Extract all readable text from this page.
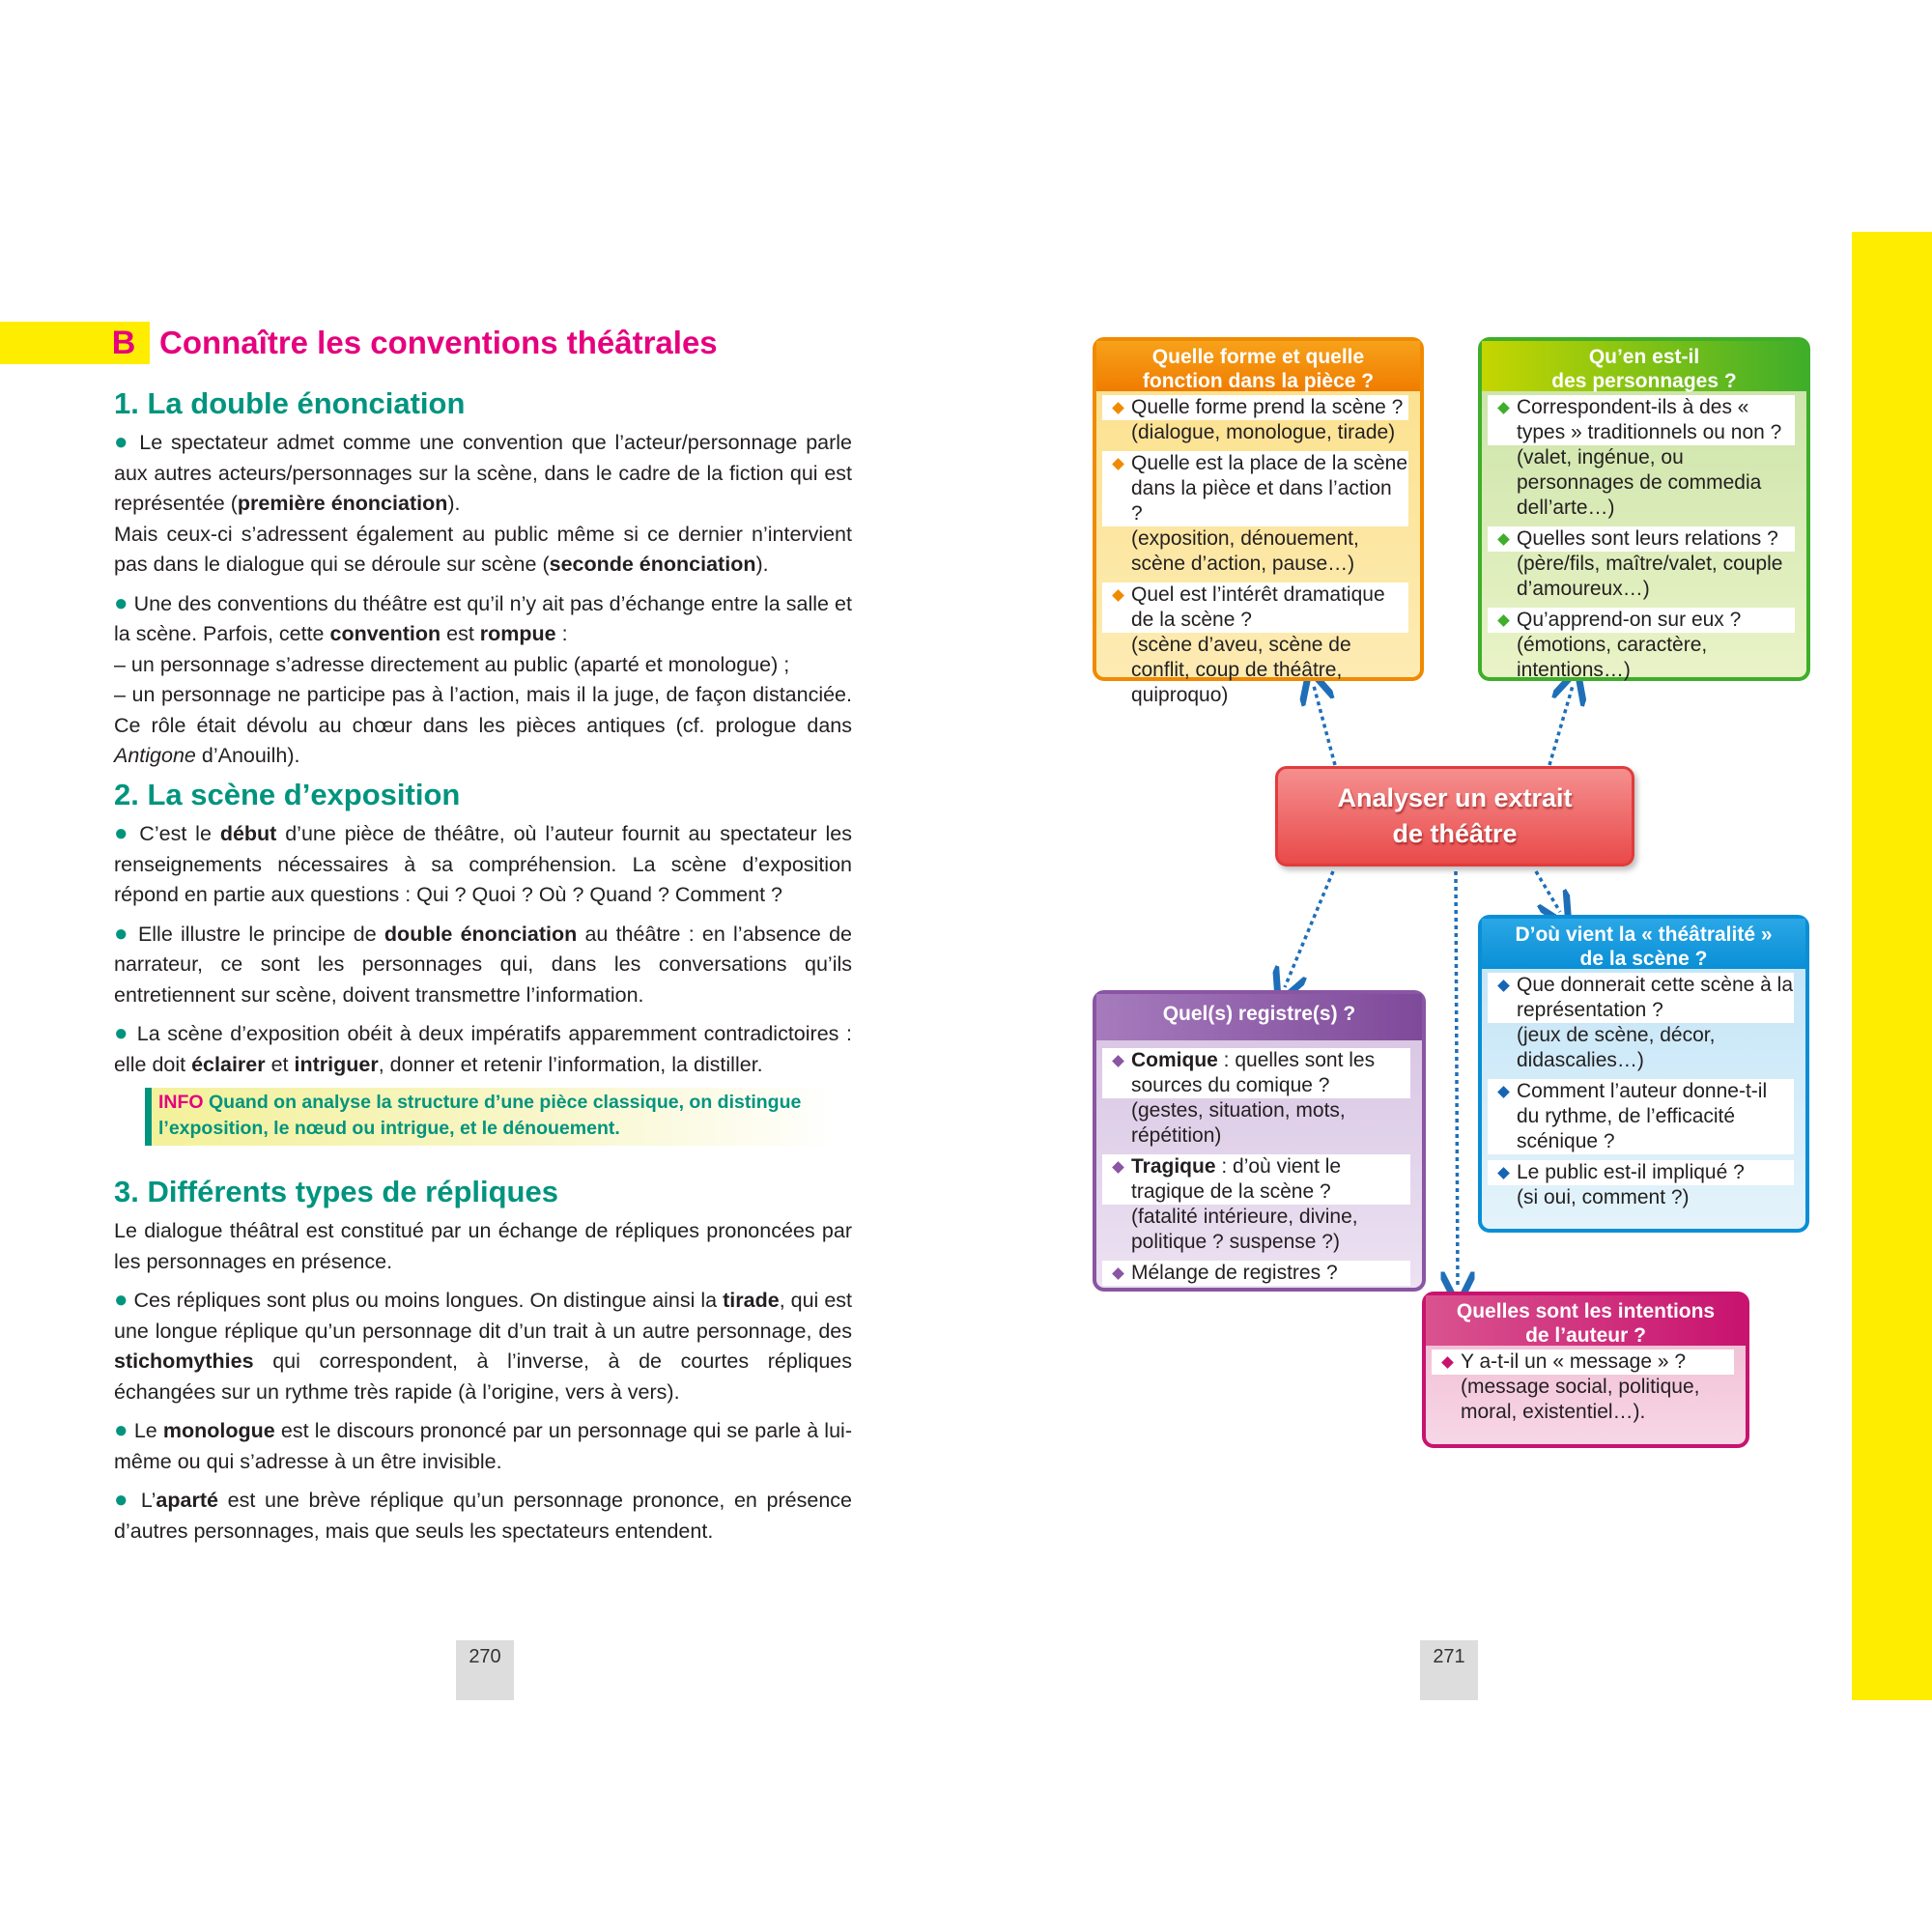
B Connaître les conventions théâtrales
1. La double énonciation

● Le spectateur admet comme une convention que l’acteur/personnage parle aux autres acteurs/personnages sur la scène, dans le cadre de la fiction qui est représentée (première énonciation).
Mais ceux-ci s’adressent également au public même si ce dernier n’intervient pas dans le dialogue qui se déroule sur scène (seconde énonciation).

● Une des conventions du théâtre est qu’il n’y ait pas d’échange entre la salle et la scène. Parfois, cette convention est rompue :
– un personnage s’adresse directement au public (aparté et monologue) ;
– un personnage ne participe pas à l’action, mais il la juge, de façon distanciée. Ce rôle était dévolu au chœur dans les pièces antiques (cf. prologue dans Antigone d’Anouilh).

2. La scène d’exposition

● C’est le début d’une pièce de théâtre, où l’auteur fournit au spectateur les renseignements nécessaires à sa compréhension. La scène d’exposition répond en partie aux questions : Qui ? Quoi ? Où ? Quand ? Comment ?

● Elle illustre le principe de double énonciation au théâtre : en l’absence de narrateur, ce sont les personnages qui, dans les conversations qu’ils entretiennent sur scène, doivent transmettre l’information.

● La scène d’exposition obéit à deux impératifs apparemment contradictoires : elle doit éclairer et intriguer, donner et retenir l’information, la distiller.

INFO Quand on analyse la structure d’une pièce classique, on distingue l’exposition, le nœud ou intrigue, et le dénouement.
3. Différents types de répliques

Le dialogue théâtral est constitué par un échange de répliques prononcées par les personnages en présence.

● Ces répliques sont plus ou moins longues. On distingue ainsi la tirade, qui est une longue réplique qu’un personnage dit d’un trait à un autre personnage, des stichomythies qui correspondent, à l’inverse, à de courtes répliques échangées sur un rythme très rapide (à l’origine, vers à vers).

● Le monologue est le discours prononcé par un personnage qui se parle à lui-même ou qui s’adresse à un être invisible.

● L’aparté est une brève réplique qu’un personnage prononce, en présence d’autres personnages, mais que seuls les spectateurs entendent.

270
Quelle forme et quelle
fonction dans la pièce ?
Quelle forme prend la scène ?
(dialogue, monologue, tirade)
Quelle est la place de la scène dans la pièce et dans l’action ?
(exposition, dénouement, scène d’action, pause…)
Quel est l’intérêt dramatique de la scène ?
(scène d’aveu, scène de conflit, coup de théâtre, quiproquo)
Qu’en est-il
des personnages ?
Correspondent-ils à des « types » traditionnels ou non ?
(valet, ingénue, ou personnages de commedia dell’arte…)
Quelles sont leurs relations ?
(père/fils, maître/valet, couple d’amoureux…)
Qu’apprend-on sur eux ?
(émotions, caractère, intentions…)
Analyser un extrait
de théâtre
D’où vient la « théâtralité »
de la scène ?
Que donnerait cette scène à la représentation ?
(jeux de scène, décor, didascalies…)
Comment l’auteur donne-t-il du rythme, de l’efficacité scénique ?
Le public est-il impliqué ?
(si oui, comment ?)
Quel(s) registre(s) ?
Comique : quelles sont les sources du comique ?
(gestes, situation, mots, répétition)
Tragique : d’où vient le tragique de la scène ?
(fatalité intérieure, divine, politique ? suspense ?)
Mélange de registres ?
Quelles sont les intentions
de l’auteur ?
Y a-t-il un « message » ?
(message social, politique, moral, existentiel…).
271
